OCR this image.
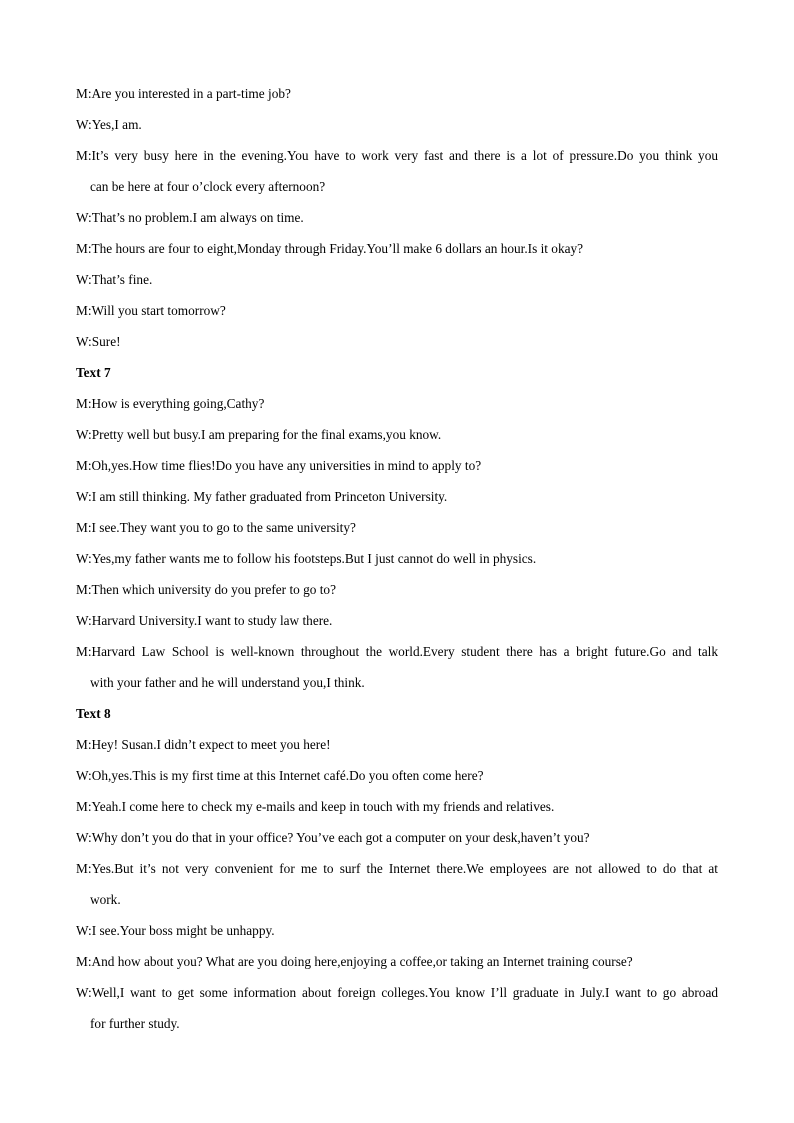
M:Are you interested in a part-time job?

W:Yes,I am.

M:It’s very busy here in the evening.You have to work very fast and there is a lot of pressure.Do you think you

can be here at four o’clock every afternoon?

W:That’s no problem.I am always on time.

M:The hours are four to eight,Monday through Friday.You’ll make 6 dollars an hour.Is it okay?

W:That’s fine.

M:Will you start tomorrow?

W:Sure!

Text 7

M:How is everything going,Cathy?

W:Pretty well but busy.I am preparing for the final exams,you know.

M:Oh,yes.How time flies!Do you have any universities in mind to apply to?

W:I am still thinking. My father graduated from Princeton University.

M:I see.They want you to go to the same university?

W:Yes,my father wants me to follow his footsteps.But I just cannot do well in physics.

M:Then which university do you prefer to go to?

W:Harvard University.I want to study law there.

M:Harvard Law School is well-known throughout the world.Every student there has a bright future.Go and talk

with your father and he will understand you,I think.

Text 8

M:Hey! Susan.I didn’t expect to meet you here!

W:Oh,yes.This is my first time at this Internet café.Do you often come here?

M:Yeah.I come here to check my e-mails and keep in touch with my friends and relatives.

W:Why don’t you do that in your office? You’ve each got a computer on your desk,haven’t you?

M:Yes.But it’s not very convenient for me to surf the Internet there.We employees are not allowed to do that at

work.

W:I see.Your boss might be unhappy.

M:And how about you? What are you doing here,enjoying a coffee,or taking an Internet training course?

W:Well,I want to get some information about foreign colleges.You know I’ll graduate in July.I want to go abroad

for further study.
